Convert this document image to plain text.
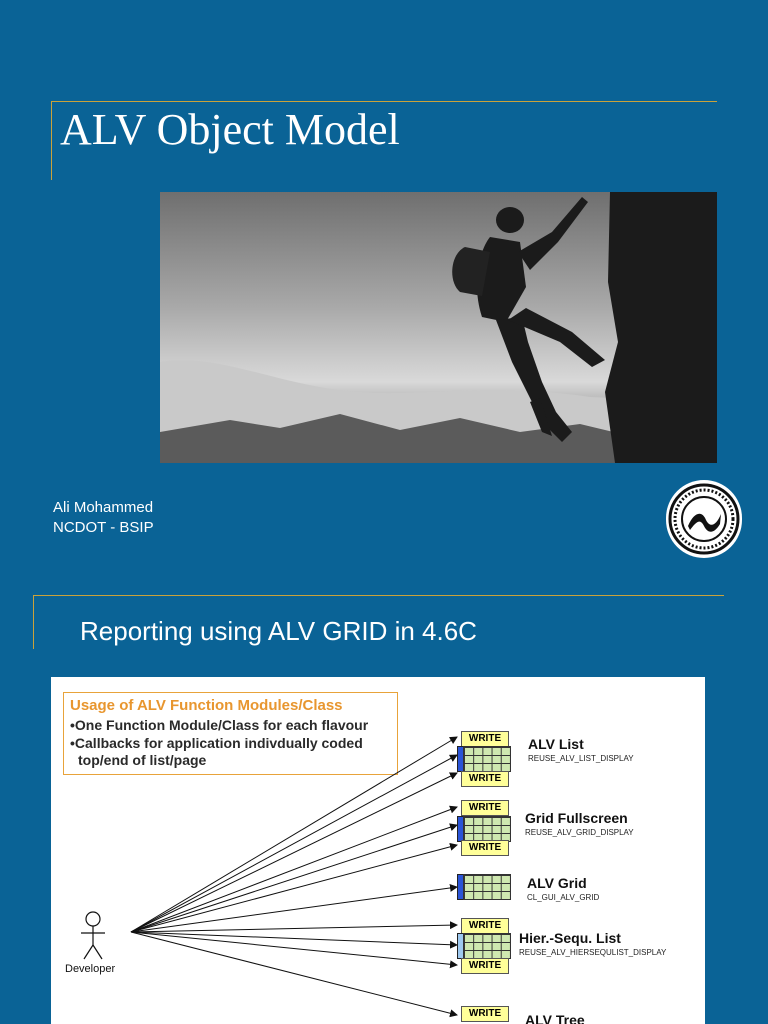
ALV Object Model
Ali Mohammed
NCDOT - BSIP
Reporting using ALV GRID in 4.6C
Usage of ALV Function Modules/Class
•One Function Module/Class for each flavour
•Callbacks for application indivdually coded
top/end of list/page
Developer
WRITE
WRITE
ALV List
REUSE_ALV_LIST_DISPLAY
WRITE
WRITE
Grid Fullscreen
REUSE_ALV_GRID_DISPLAY
ALV Grid
CL_GUI_ALV_GRID
WRITE
WRITE
Hier.-Sequ. List
REUSE_ALV_HIERSEQULIST_DISPLAY
WRITE	ALV Tree
